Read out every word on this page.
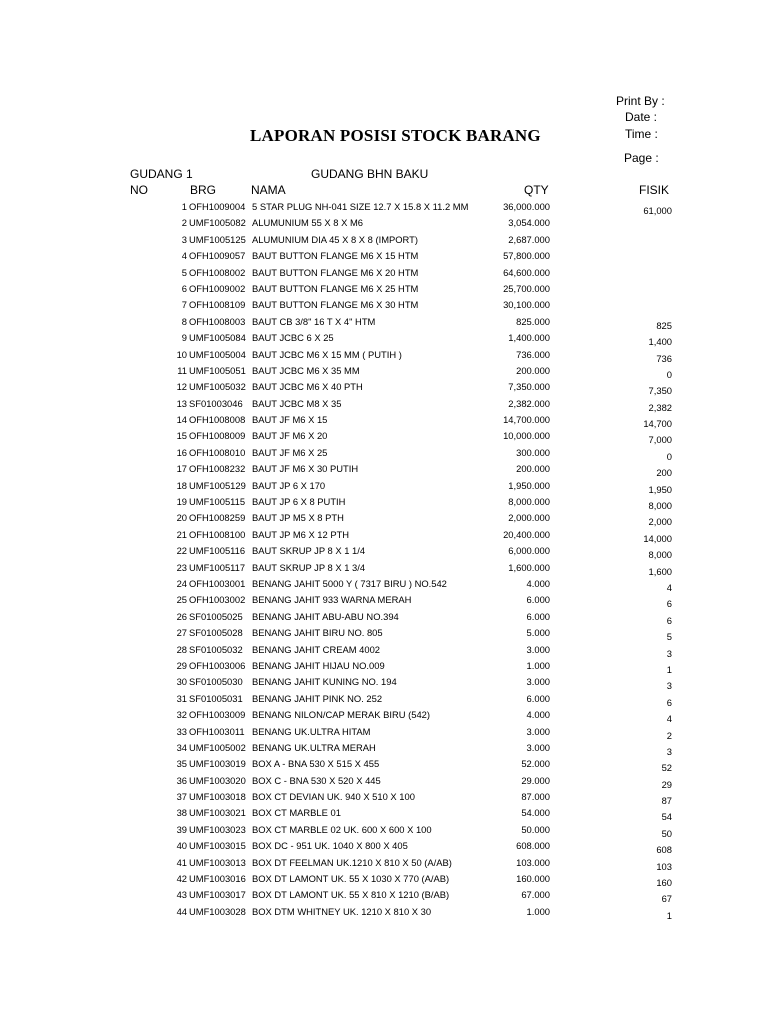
Print By :
Date :
Time :
Page :
LAPORAN POSISI STOCK BARANG
GUDANG 1	GUDANG BHN BAKU
NO	BRG	NAMA	QTY	FISIK
1 OFH1009004 5 STAR PLUG NH-041 SIZE 12.7 X 15.8 X 11.2 MM	36,000.000	61,000
2 UMF1005082 ALUMUNIUM 55 X 8 X M6	3,054.000
3 UMF1005125 ALUMUNIUM DIA 45 X 8 X 8 (IMPORT)	2,687.000
4 OFH1009057 BAUT BUTTON FLANGE M6 X 15 HTM	57,800.000
5 OFH1008002 BAUT BUTTON FLANGE M6 X 20 HTM	64,600.000
6 OFH1009002 BAUT BUTTON FLANGE M6 X 25 HTM	25,700.000
7 OFH1008109 BAUT BUTTON FLANGE M6 X 30 HTM	30,100.000
8 OFH1008003 BAUT CB 3/8" 16 T X 4" HTM	825.000	825
9 UMF1005084 BAUT JCBC 6 X 25	1,400.000	1,400
10 UMF1005004 BAUT JCBC M6 X 15 MM ( PUTIH )	736.000	736
11 UMF1005051 BAUT JCBC M6 X 35 MM	200.000	0
12 UMF1005032 BAUT JCBC M6 X 40 PTH	7,350.000	7,350
13 SF01003046 BAUT JCBC M8 X 35	2,382.000	2,382
14 OFH1008008 BAUT JF M6 X 15	14,700.000	14,700
15 OFH1008009 BAUT JF M6 X 20	10,000.000	7,000
16 OFH1008010 BAUT JF M6 X 25	300.000	0
17 OFH1008232 BAUT JF M6 X 30 PUTIH	200.000	200
18 UMF1005129 BAUT JP 6 X 170	1,950.000	1,950
19 UMF1005115 BAUT JP 6 X 8 PUTIH	8,000.000	8,000
20 OFH1008259 BAUT JP M5 X 8 PTH	2,000.000	2,000
21 OFH1008100 BAUT JP M6 X 12 PTH	20,400.000	14,000
22 UMF1005116 BAUT SKRUP JP 8 X 1 1/4	6,000.000	8,000
23 UMF1005117 BAUT SKRUP JP 8 X 1 3/4	1,600.000	1,600
24 OFH1003001 BENANG JAHIT 5000 Y ( 7317 BIRU ) NO.542	4.000	4
25 OFH1003002 BENANG JAHIT 933 WARNA MERAH	6.000	6
26 SF01005025 BENANG JAHIT ABU-ABU NO.394	6.000	6
27 SF01005028 BENANG JAHIT BIRU NO. 805	5.000	5
28 SF01005032 BENANG JAHIT CREAM 4002	3.000	3
29 OFH1003006 BENANG JAHIT HIJAU NO.009	1.000	1
30 SF01005030 BENANG JAHIT KUNING NO. 194	3.000	3
31 SF01005031 BENANG JAHIT PINK NO. 252	6.000	6
32 OFH1003009 BENANG NILON/CAP MERAK BIRU (542)	4.000	4
33 OFH1003011 BENANG UK.ULTRA HITAM	3.000	2
34 UMF1005002 BENANG UK.ULTRA MERAH	3.000	3
35 UMF1003019 BOX A - BNA 530 X 515 X 455	52.000	52
36 UMF1003020 BOX C - BNA 530 X 520 X 445	29.000	29
37 UMF1003018 BOX CT DEVIAN UK. 940 X 510 X 100	87.000	87
38 UMF1003021 BOX CT MARBLE 01	54.000	54
39 UMF1003023 BOX CT MARBLE 02 UK. 600 X 600 X 100	50.000	50
40 UMF1003015 BOX DC - 951 UK. 1040 X 800 X 405	608.000	608
41 UMF1003013 BOX DT FEELMAN UK.1210 X 810 X 50 (A/AB)	103.000	103
42 UMF1003016 BOX DT LAMONT UK. 55 X 1030 X 770 (A/AB)	160.000	160
43 UMF1003017 BOX DT LAMONT UK. 55 X 810 X 1210 (B/AB)	67.000	67
44 UMF1003028 BOX DTM WHITNEY UK. 1210 X 810 X 30	1.000	1
